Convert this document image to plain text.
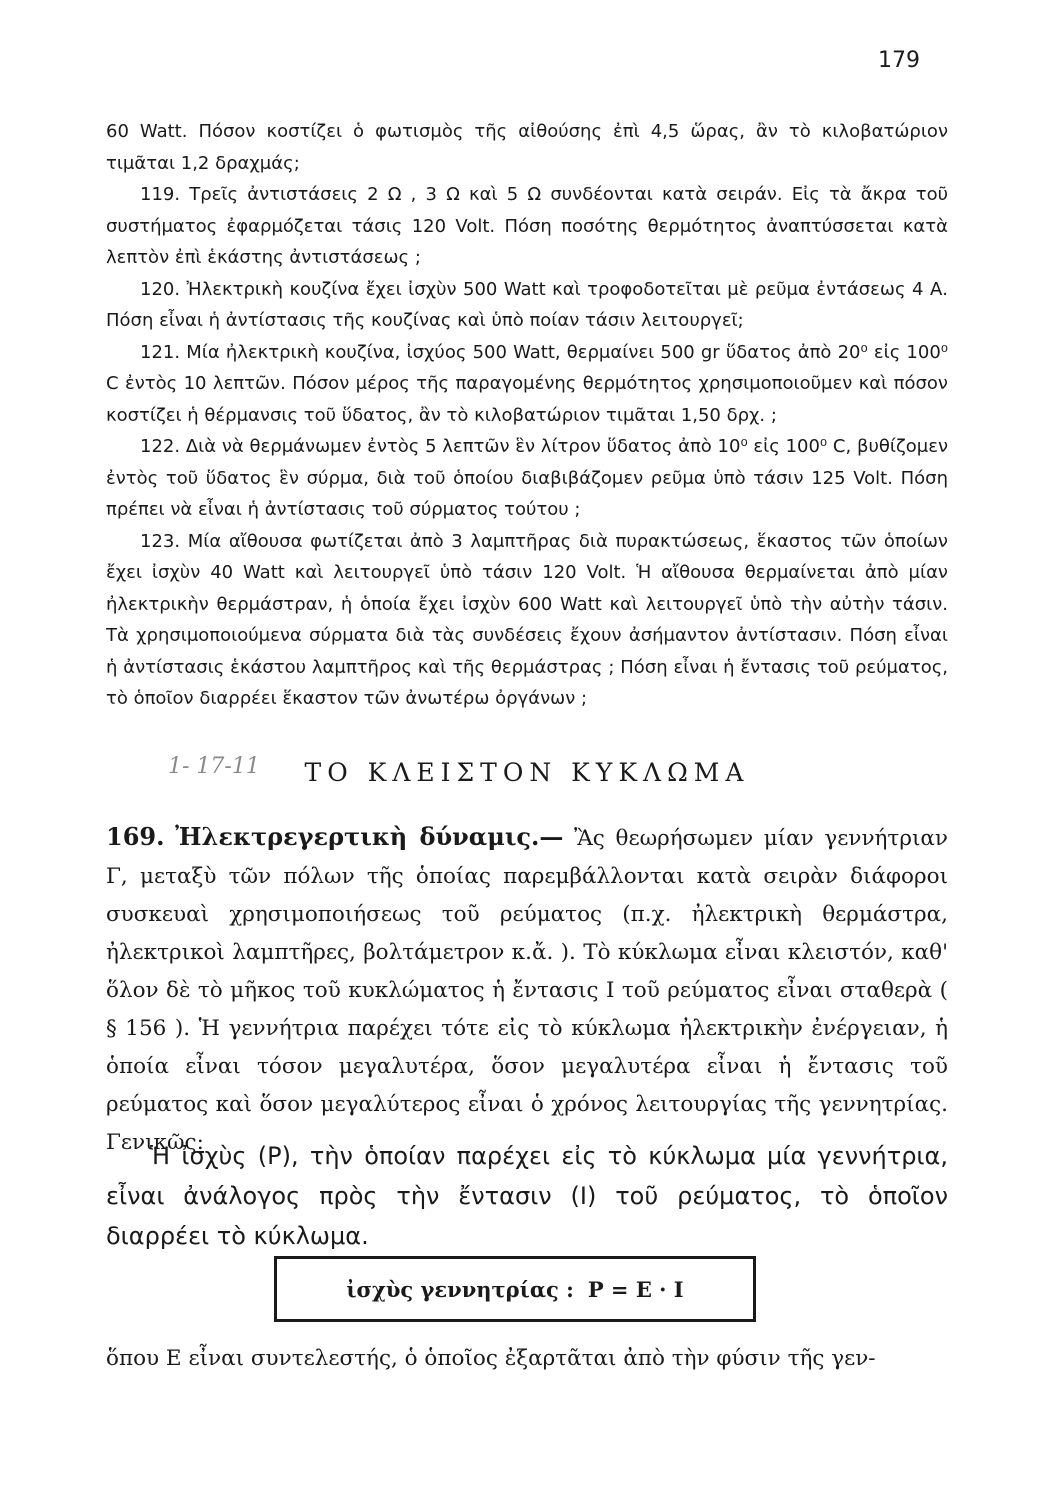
179

60 Watt. Πόσον κοστίζει ὁ φωτισμὸς τῆς αἰθούσης ἐπὶ 4,5 ὥρας, ἂν τὸ κιλοβατώριον τιμᾶται 1,2 δραχμάς;

119. Τρεῖς ἀντιστάσεις 2 Ω , 3 Ω καὶ 5 Ω συνδέονται κατὰ σειράν. Εἰς τὰ ἄκρα τοῦ συστήματος ἐφαρμόζεται τάσις 120 Volt. Πόση ποσότης θερμότητος ἀναπτύσσεται κατὰ λεπτὸν ἐπὶ ἑκάστης ἀντιστάσεως ;

120. Ἠλεκτρικὴ κουζίνα ἔχει ἰσχὺν 500 Watt καὶ τροφοδοτεῖται μὲ ρεῦμα ἐντάσεως 4 Α. Πόση εἶναι ἡ ἀντίστασις τῆς κουζίνας καὶ ὑπὸ ποίαν τάσιν λειτουργεῖ;

121. Μία ἠλεκτρικὴ κουζίνα, ἰσχύος 500 Watt, θερμαίνει 500 gr ὕδατος ἀπὸ 20⁰ εἰς 100⁰ C ἐντὸς 10 λεπτῶν. Πόσον μέρος τῆς παραγομένης θερμότητος χρησιμοποιοῦμεν καὶ πόσον κοστίζει ἡ θέρμανσις τοῦ ὕδατος, ἂν τὸ κιλοβατώριον τιμᾶται 1,50 δρχ. ;

122. Διὰ νὰ θερμάνωμεν ἐντὸς 5 λεπτῶν ἓν λίτρον ὕδατος ἀπὸ 10⁰ εἰς 100⁰ C, βυθίζομεν ἐντὸς τοῦ ὕδατος ἓν σύρμα, διὰ τοῦ ὁποίου διαβιβάζομεν ρεῦμα ὑπὸ τάσιν 125 Volt. Πόση πρέπει νὰ εἶναι ἡ ἀντίστασις τοῦ σύρματος τούτου ;

123. Μία αἴθουσα φωτίζεται ἀπὸ 3 λαμπτῆρας διὰ πυρακτώσεως, ἕκαστος τῶν ὁποίων ἔχει ἰσχὺν 40 Watt καὶ λειτουργεῖ ὑπὸ τάσιν 120 Volt. Ἡ αἴθουσα θερμαίνεται ἀπὸ μίαν ἠλεκτρικὴν θερμάστραν, ἡ ὁποία ἔχει ἰσχὺν 600 Watt καὶ λειτουργεῖ ὑπὸ τὴν αὐτὴν τάσιν. Τὰ χρησιμοποιούμενα σύρματα διὰ τὰς συνδέσεις ἔχουν ἀσήμαντον ἀντίστασιν. Πόση εἶναι ἡ ἀντίστασις ἑκάστου λαμπτῆρος καὶ τῆς θερμάστρας ; Πόση εἶναι ἡ ἔντασις τοῦ ρεύματος, τὸ ὁποῖον διαρρέει ἕκαστον τῶν ἀνωτέρω ὀργάνων ;

1- 17-11	ΤΟ ΚΛΕΙΣΤΟΝ ΚΥΚΛΩΜΑ

169. Ἠλεκτρεγερτικὴ δύναμις.— Ἂς θεωρήσωμεν μίαν γεννήτριαν Γ, μεταξὺ τῶν πόλων τῆς ὁποίας παρεμβάλλονται κατὰ σειρὰν διάφοροι συσκευαὶ χρησιμοποιήσεως τοῦ ρεύματος (π.χ. ἠλεκτρικὴ θερμάστρα, ἠλεκτρικοὶ λαμπτῆρες, βολτάμετρον κ.ἄ. ). Τὸ κύκλωμα εἶναι κλειστόν, καθ' ὅλον δὲ τὸ μῆκος τοῦ κυκλώματος ἡ ἔντασις I τοῦ ρεύματος εἶναι σταθερὰ ( § 156 ). Ἡ γεννήτρια παρέχει τότε εἰς τὸ κύκλωμα ἠλεκτρικὴν ἐνέργειαν, ἡ ὁποία εἶναι τόσον μεγαλυτέρα, ὅσον μεγαλυτέρα εἶναι ἡ ἔντασις τοῦ ρεύματος καὶ ὅσον μεγαλύτερος εἶναι ὁ χρόνος λειτουργίας τῆς γεννητρίας. Γενικῶς:

Ἡ ἰσχὺς (P), τὴν ὁποίαν παρέχει εἰς τὸ κύκλωμα μία γεννήτρια, εἶναι ἀνάλογος πρὸς τὴν ἔντασιν (I) τοῦ ρεύματος, τὸ ὁποῖον διαρρέει τὸ κύκλωμα.

ἰσχὺς γεννητρίας : P = E · I

ὅπου E εἶναι συντελεστής, ὁ ὁποῖος ἐξαρτᾶται ἀπὸ τὴν φύσιν τῆς γεν-
